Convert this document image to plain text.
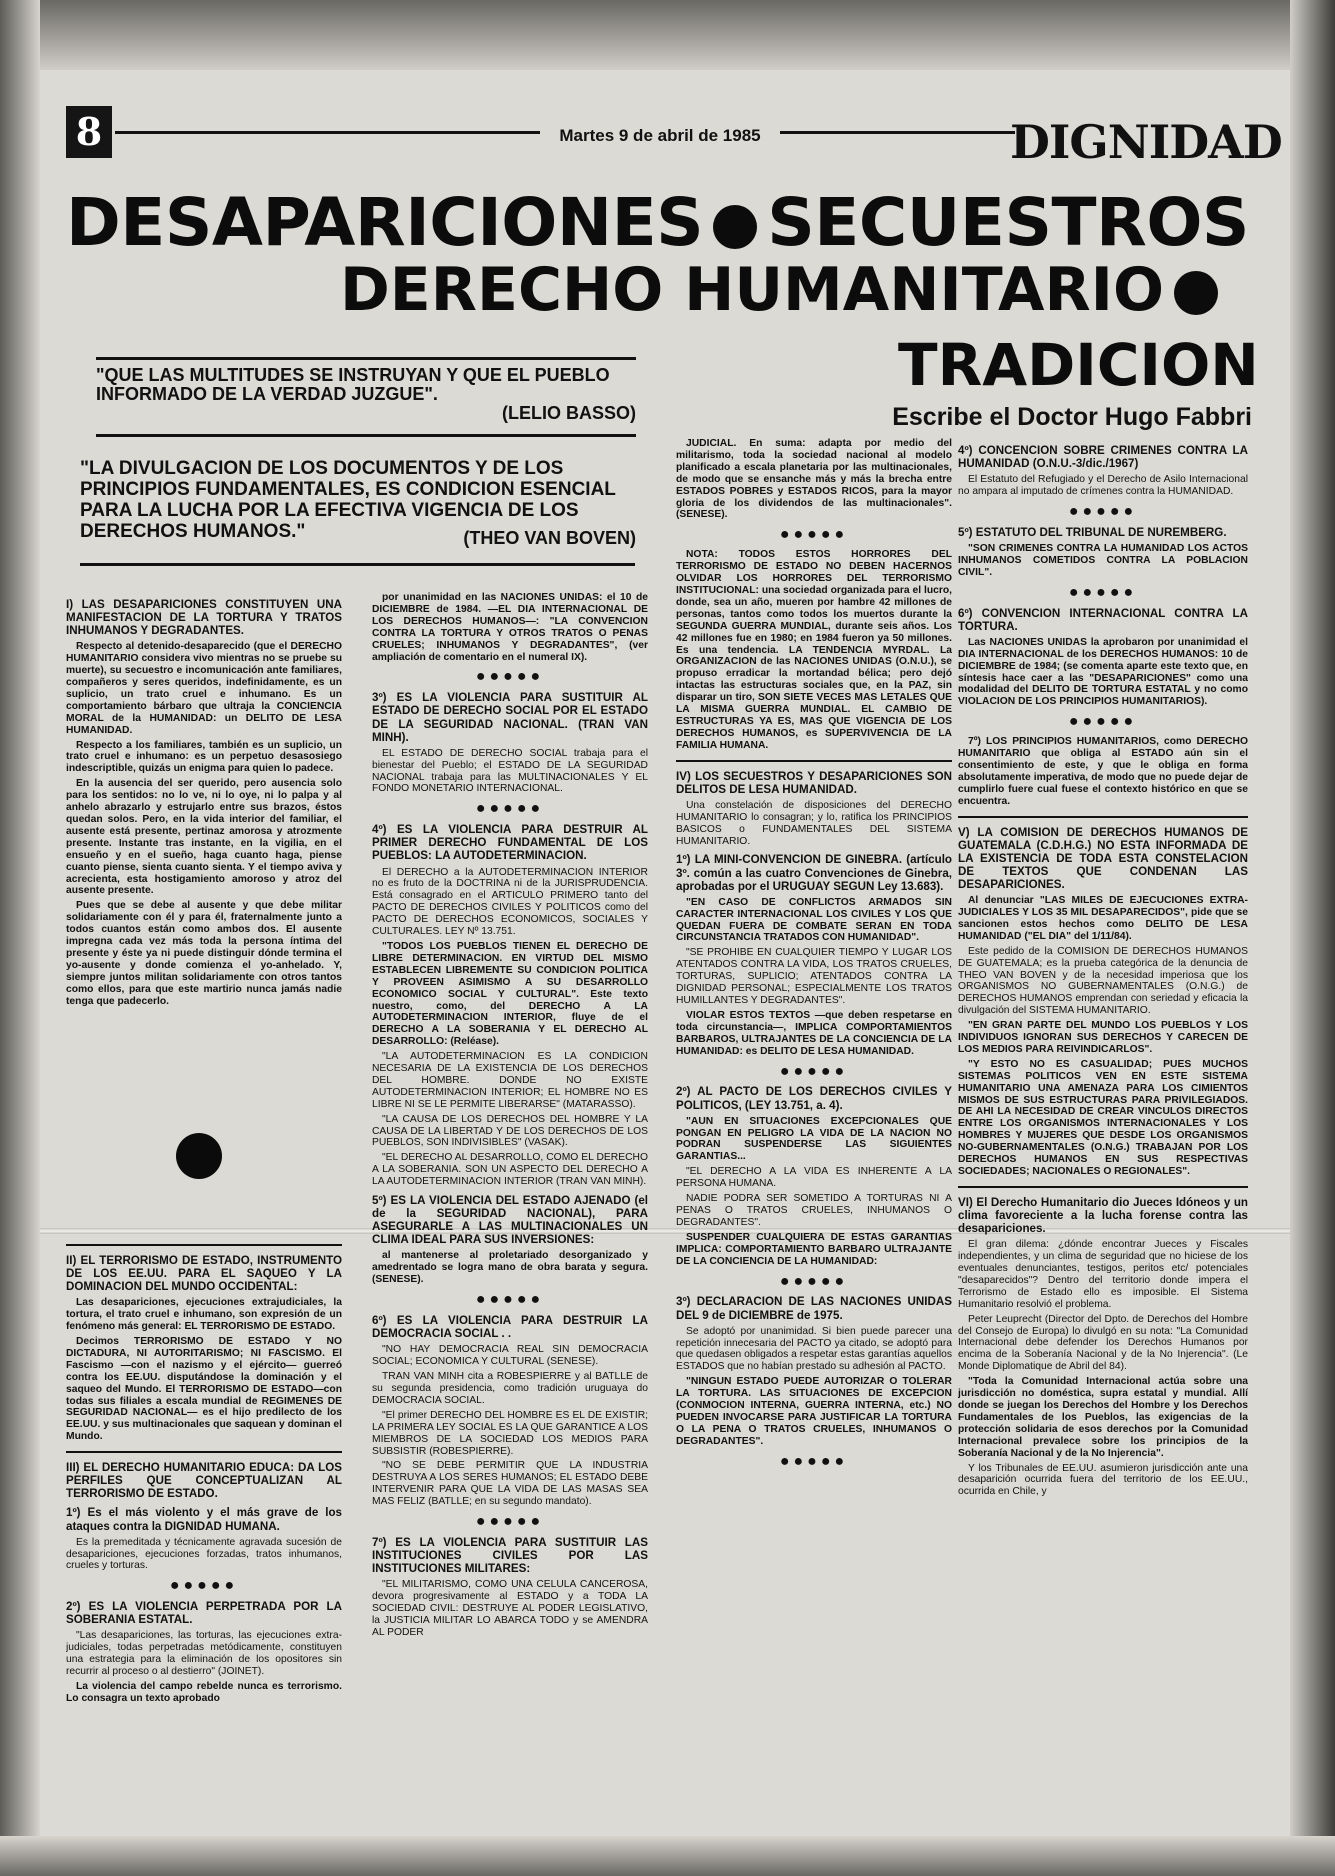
8	Martes 9 de abril de 1985	DIGNIDAD
DESAPARICIONES SECUESTROS
DERECHO HUMANITARIO
TRADICION
"QUE LAS MULTITUDES SE INSTRUYAN Y QUE EL PUEBLO INFORMADO DE LA VERDAD JUZGUE".
(LELIO BASSO)	Escribe el Doctor Hugo Fabbri
"LA DIVULGACION DE LOS DOCUMENTOS Y DE LOS PRINCIPIOS FUNDAMENTALES, ES CONDICION ESENCIAL PARA LA LUCHA POR LA EFECTIVA VIGENCIA DE LOS DERECHOS HUMANOS."	(THEO VAN BOVEN)

I) LAS DESAPARICIONES CONSTITUYEN UNA MANIFESTACION DE LA TORTURA Y TRATOS INHUMANOS Y DEGRADANTES.

Respecto al detenido-desaparecido (que el DERECHO HUMANITARIO considera vivo mientras no se pruebe su muerte), su secuestro e incomunicación ante familiares, compañeros y seres queridos, indefinidamente, es un suplicio, un trato cruel e inhumano. Es un comportamiento bárbaro que ultraja la CONCIENCIA MORAL de la HUMANIDAD: un DELITO DE LESA HUMANIDAD.

Respecto a los familiares, también es un suplicio, un trato cruel e inhumano: es un perpetuo desasosiego indescriptible, quizás un enigma para quien lo padece.

En la ausencia del ser querido, pero ausencia solo para los sentidos: no lo ve, ni lo oye, ni lo palpa y al anhelo abrazarlo y estrujarlo entre sus brazos, éstos quedan solos. Pero, en la vida interior del familiar, el ausente está presente, pertinaz amorosa y atrozmente presente. Instante tras instante, en la vigilia, en el ensueño y en el sueño, haga cuanto haga, piense cuanto piense, sienta cuanto sienta. Y el tiempo aviva y acrecienta, esta hostigamiento amoroso y atroz del ausente presente.

Pues que se debe al ausente y que debe militar solidariamente con él y para él, fraternalmente junto a todos cuantos están como ambos dos. El ausente impregna cada vez más toda la persona íntima del presente y éste ya ni puede distinguir dónde termina el yo-ausente y donde comienza el yo-anhelado. Y, siempre juntos militan solidariamente con otros tantos como ellos, para que este martirio nunca jamás nadie tenga que padecerlo.

II) EL TERRORISMO DE ESTADO, INSTRUMENTO DE LOS EE.UU. PARA EL SAQUEO Y LA DOMINACION DEL MUNDO OCCIDENTAL:

Las desapariciones, ejecuciones extrajudiciales, la tortura, el trato cruel e inhumano, son expresión de un fenómeno más general: EL TERRORISMO DE ESTADO.

Decimos TERRORISMO DE ESTADO Y NO DICTADURA, NI AUTORITARISMO; NI FASCISMO. El Fascismo —con el nazismo y el ejército— guerreó contra los EE.UU. disputándose la dominación y el saqueo del Mundo. El TERRORISMO DE ESTADO—con todas sus filiales a escala mundial de REGIMENES DE SEGURIDAD NACIONAL— es el hijo predilecto de los EE.UU. y sus multinacionales que saquean y dominan el Mundo.

III) EL DERECHO HUMANITARIO EDUCA: DA LOS PERFILES QUE CONCEPTUALIZAN AL TERRORISMO DE ESTADO.

1º) Es el más violento y el más grave de los ataques contra la DIGNIDAD HUMANA.

Es la premeditada y técnicamente agravada sucesión de desapariciones, ejecuciones forzadas, tratos inhumanos, crueles y torturas.

●●●●●

2º) ES LA VIOLENCIA PERPETRADA POR LA SOBERANIA ESTATAL.

"Las desapariciones, las torturas, las ejecuciones extra-judiciales, todas perpetradas metódicamente, constituyen una estrategia para la eliminación de los opositores sin recurrir al proceso o al destierro" (JOINET).

La violencia del campo rebelde nunca es terrorismo. Lo consagra un texto aprobado

por unanimidad en las NACIONES UNIDAS: el 10 de DICIEMBRE de 1984. —EL DIA INTERNACIONAL DE LOS DERECHOS HUMANOS—: "LA CONVENCION CONTRA LA TORTURA Y OTROS TRATOS O PENAS CRUELES; INHUMANOS Y DEGRADANTES", (ver ampliación de comentario en el numeral IX).

●●●●●

3º) ES LA VIOLENCIA PARA SUSTITUIR AL ESTADO DE DERECHO SOCIAL POR EL ESTADO DE LA SEGURIDAD NACIONAL. (TRAN VAN MINH).

EL ESTADO DE DERECHO SOCIAL trabaja para el bienestar del Pueblo; el ESTADO DE LA SEGURIDAD NACIONAL trabaja para las MULTINACIONALES Y EL FONDO MONETARIO INTERNACIONAL.

●●●●●

4º) ES LA VIOLENCIA PARA DESTRUIR AL PRIMER DERECHO FUNDAMENTAL DE LOS PUEBLOS: LA AUTODETERMINACION.

El DERECHO a la AUTODETERMINACION INTERIOR no es fruto de la DOCTRINA ni de la JURISPRUDENCIA. Está consagrado en el ARTICULO PRIMERO tanto del PACTO DE DERECHOS CIVILES Y POLITICOS como del PACTO DE DERECHOS ECONOMICOS, SOCIALES Y CULTURALES. LEY Nº 13.751.

"TODOS LOS PUEBLOS TIENEN EL DERECHO DE LIBRE DETERMINACION. EN VIRTUD DEL MISMO ESTABLECEN LIBREMENTE SU CONDICION POLITICA Y PROVEEN ASIMISMO A SU DESARROLLO ECONOMICO SOCIAL Y CULTURAL". Este texto nuestro, como, del DERECHO A LA AUTODETERMINACION INTERIOR, fluye de el DERECHO A LA SOBERANIA Y EL DERECHO AL DESARROLLO: (Reléase).

"LA AUTODETERMINACION ES LA CONDICION NECESARIA DE LA EXISTENCIA DE LOS DERECHOS DEL HOMBRE. DONDE NO EXISTE AUTODETERMINACION INTERIOR; EL HOMBRE NO ES LIBRE NI SE LE PERMITE LIBERARSE" (MATARASSO).

"LA CAUSA DE LOS DERECHOS DEL HOMBRE Y LA CAUSA DE LA LIBERTAD Y DE LOS DERECHOS DE LOS PUEBLOS, SON INDIVISIBLES" (VASAK).

"EL DERECHO AL DESARROLLO, COMO EL DERECHO A LA SOBERANIA. SON UN ASPECTO DEL DERECHO A LA AUTODETERMINACION INTERIOR (TRAN VAN MINH).

5º) ES LA VIOLENCIA DEL ESTADO AJENADO (el de la SEGURIDAD NACIONAL), PARA ASEGURARLE A LAS MULTINACIONALES UN CLIMA IDEAL PARA SUS INVERSIONES:

al mantenerse al proletariado desorganizado y amedrentado se logra mano de obra barata y segura. (SENESE).

●●●●●

6º) ES LA VIOLENCIA PARA DESTRUIR LA DEMOCRACIA SOCIAL . .

"NO HAY DEMOCRACIA REAL SIN DEMOCRACIA SOCIAL; ECONOMICA Y CULTURAL (SENESE).

TRAN VAN MINH cita a ROBESPIERRE y al BATLLE de su segunda presidencia, como tradición uruguaya do DEMOCRACIA SOCIAL.

"El primer DERECHO DEL HOMBRE ES EL DE EXISTIR; LA PRIMERA LEY SOCIAL ES LA QUE GARANTICE A LOS MIEMBROS DE LA SOCIEDAD LOS MEDIOS PARA SUBSISTIR (ROBESPIERRE).

"NO SE DEBE PERMITIR QUE LA INDUSTRIA DESTRUYA A LOS SERES HUMANOS; EL ESTADO DEBE INTERVENIR PARA QUE LA VIDA DE LAS MASAS SEA MAS FELIZ (BATLLE; en su segundo mandato).

●●●●●

7º) ES LA VIOLENCIA PARA SUSTITUIR LAS INSTITUCIONES CIVILES POR LAS INSTITUCIONES MILITARES:

"EL MILITARISMO, COMO UNA CELULA CANCEROSA, devora progresivamente al ESTADO y a TODA LA SOCIEDAD CIVIL: DESTRUYE AL PODER LEGISLATIVO, la JUSTICIA MILITAR LO ABARCA TODO y se AMENDRA AL PODER

JUDICIAL. En suma: adapta por medio del militarismo, toda la sociedad nacional al modelo planificado a escala planetaria por las multinacionales, de modo que se ensanche más y más la brecha entre ESTADOS POBRES y ESTADOS RICOS, para la mayor gloria de los dividendos de las multinacionales". (SENESE).

●●●●●

NOTA: TODOS ESTOS HORRORES DEL TERRORISMO DE ESTADO NO DEBEN HACERNOS OLVIDAR LOS HORRORES DEL TERRORISMO INSTITUCIONAL: una sociedad organizada para el lucro, donde, sea un año, mueren por hambre 42 millones de personas, tantos como todos los muertos durante la SEGUNDA GUERRA MUNDIAL, durante seis años. Los 42 millones fue en 1980; en 1984 fueron ya 50 millones. Es una tendencia. LA TENDENCIA MYRDAL. La ORGANIZACION de las NACIONES UNIDAS (O.N.U.), se propuso erradicar la mortandad bélica; pero dejó intactas las estructuras sociales que, en la PAZ, sin disparar un tiro, SON SIETE VECES MAS LETALES QUE LA MISMA GUERRA MUNDIAL. EL CAMBIO DE ESTRUCTURAS YA ES, MAS QUE VIGENCIA DE LOS DERECHOS HUMANOS, es SUPERVIVENCIA DE LA FAMILIA HUMANA.

IV) LOS SECUESTROS Y DESAPARICIONES SON DELITOS DE LESA HUMANIDAD.

Una constelación de disposiciones del DERECHO HUMANITARIO lo consagran; y lo, ratifica los PRINCIPIOS BASICOS o FUNDAMENTALES DEL SISTEMA HUMANITARIO.

1º) LA MINI-CONVENCION DE GINEBRA. (artículo 3º. común a las cuatro Convenciones de Ginebra, aprobadas por el URUGUAY SEGUN Ley 13.683).

"EN CASO DE CONFLICTOS ARMADOS SIN CARACTER INTERNACIONAL LOS CIVILES Y LOS QUE QUEDAN FUERA DE COMBATE SERAN EN TODA CIRCUNSTANCIA TRATADOS CON HUMANIDAD".

"SE PROHIBE EN CUALQUIER TIEMPO Y LUGAR LOS ATENTADOS CONTRA LA VIDA, LOS TRATOS CRUELES, TORTURAS, SUPLICIO; ATENTADOS CONTRA LA DIGNIDAD PERSONAL; ESPECIALMENTE LOS TRATOS HUMILLANTES Y DEGRADANTES".

VIOLAR ESTOS TEXTOS —que deben respetarse en toda circunstancia—, IMPLICA COMPORTAMIENTOS BARBAROS, ULTRAJANTES DE LA CONCIENCIA DE LA HUMANIDAD: es DELITO DE LESA HUMANIDAD.

●●●●●

2º) AL PACTO DE LOS DERECHOS CIVILES Y POLITICOS, (LEY 13.751, a. 4).

"AUN EN SITUACIONES EXCEPCIONALES QUE PONGAN EN PELIGRO LA VIDA DE LA NACION NO PODRAN SUSPENDERSE LAS SIGUIENTES GARANTIAS...

"EL DERECHO A LA VIDA ES INHERENTE A LA PERSONA HUMANA.

NADIE PODRA SER SOMETIDO A TORTURAS NI A PENAS O TRATOS CRUELES, INHUMANOS O DEGRADANTES".

SUSPENDER CUALQUIERA DE ESTAS GARANTIAS IMPLICA: COMPORTAMIENTO BARBARO ULTRAJANTE DE LA CONCIENCIA DE LA HUMANIDAD:

●●●●●

3º) DECLARACION DE LAS NACIONES UNIDAS DEL 9 de DICIEMBRE de 1975.

Se adoptó por unanimidad. Si bien puede parecer una repetición innecesaria del PACTO ya citado, se adoptó para que quedasen obligados a respetar estas garantías aquellos ESTADOS que no habían prestado su adhesión al PACTO.

"NINGUN ESTADO PUEDE AUTORIZAR O TOLERAR LA TORTURA. LAS SITUACIONES DE EXCEPCION (CONMOCION INTERNA, GUERRA INTERNA, etc.) NO PUEDEN INVOCARSE PARA JUSTIFICAR LA TORTURA O LA PENA O TRATOS CRUELES, INHUMANOS O DEGRADANTES".

●●●●●

4º) CONCENCION SOBRE CRIMENES CONTRA LA HUMANIDAD (O.N.U.-3/dic./1967)

El Estatuto del Refugiado y el Derecho de Asilo Internacional no ampara al imputado de crímenes contra la HUMANIDAD.

●●●●●

5º) ESTATUTO DEL TRIBUNAL DE NUREMBERG.

"SON CRIMENES CONTRA LA HUMANIDAD LOS ACTOS INHUMANOS COMETIDOS CONTRA LA POBLACION CIVIL".

●●●●●

6º) CONVENCION INTERNACIONAL CONTRA LA TORTURA.

Las NACIONES UNIDAS la aprobaron por unanimidad el DIA INTERNACIONAL de los DERECHOS HUMANOS: 10 de DICIEMBRE de 1984; (se comenta aparte este texto que, en síntesis hace caer a las "DESAPARICIONES" como una modalidad del DELITO DE TORTURA ESTATAL y no como VIOLACION DE LOS PRINCIPIOS HUMANITARIOS).

●●●●●

7º) LOS PRINCIPIOS HUMANITARIOS, como DERECHO HUMANITARIO que obliga al ESTADO aún sin el consentimiento de este, y que le obliga en forma absolutamente imperativa, de modo que no puede dejar de cumplirlo fuere cual fuese el contexto histórico en que se encuentra.

V) LA COMISION DE DERECHOS HUMANOS DE GUATEMALA (C.D.H.G.) NO ESTA INFORMADA DE LA EXISTENCIA DE TODA ESTA CONSTELACION DE TEXTOS QUE CONDENAN LAS DESAPARICIONES.

Al denunciar "LAS MILES DE EJECUCIONES EXTRA-JUDICIALES Y LOS 35 MIL DESAPARECIDOS", pide que se sancionen estos hechos como DELITO DE LESA HUMANIDAD ("EL DIA" del 1/11/84).

Este pedido de la COMISION DE DERECHOS HUMANOS DE GUATEMALA; es la prueba categórica de la denuncia de THEO VAN BOVEN y de la necesidad imperiosa que los ORGANISMOS NO GUBERNAMENTALES (O.N.G.) de DERECHOS HUMANOS emprendan con seriedad y eficacia la divulgación del SISTEMA HUMANITARIO.

"EN GRAN PARTE DEL MUNDO LOS PUEBLOS Y LOS INDIVIDUOS IGNORAN SUS DERECHOS Y CARECEN DE LOS MEDIOS PARA REIVINDICARLOS".

"Y ESTO NO ES CASUALIDAD; PUES MUCHOS SISTEMAS POLITICOS VEN EN ESTE SISTEMA HUMANITARIO UNA AMENAZA PARA LOS CIMIENTOS MISMOS DE SUS ESTRUCTURAS PARA PRIVILEGIADOS. DE AHI LA NECESIDAD DE CREAR VINCULOS DIRECTOS ENTRE LOS ORGANISMOS INTERNACIONALES Y LOS HOMBRES Y MUJERES QUE DESDE LOS ORGANISMOS NO-GUBERNAMENTALES (O.N.G.) TRABAJAN POR LOS DERECHOS HUMANOS EN SUS RESPECTIVAS SOCIEDADES; NACIONALES O REGIONALES".

VI) El Derecho Humanitario dio Jueces Idóneos y un clima favoreciente a la lucha forense contra las desapariciones.

El gran dilema: ¿dónde encontrar Jueces y Fiscales independientes, y un clima de seguridad que no hiciese de los eventuales denunciantes, testigos, peritos etc/ potenciales "desaparecidos"? Dentro del territorio donde impera el Terrorismo de Estado ello es imposible. El Sistema Humanitario resolvió el problema.

Peter Leuprecht (Director del Dpto. de Derechos del Hombre del Consejo de Europa) lo divulgó en su nota: "La Comunidad Internacional debe defender los Derechos Humanos por encima de la Soberanía Nacional y de la No Injerencia". (Le Monde Diplomatique de Abril del 84).

"Toda la Comunidad Internacional actúa sobre una jurisdicción no doméstica, supra estatal y mundial. Allí donde se juegan los Derechos del Hombre y los Derechos Fundamentales de los Pueblos, las exigencias de la protección solidaria de esos derechos por la Comunidad Internacional prevalece sobre los principios de la Soberanía Nacional y de la No Injerencia".

Y los Tribunales de EE.UU. asumieron jurisdicción ante una desaparición ocurrida fuera del territorio de los EE.UU., ocurrida en Chile, y
